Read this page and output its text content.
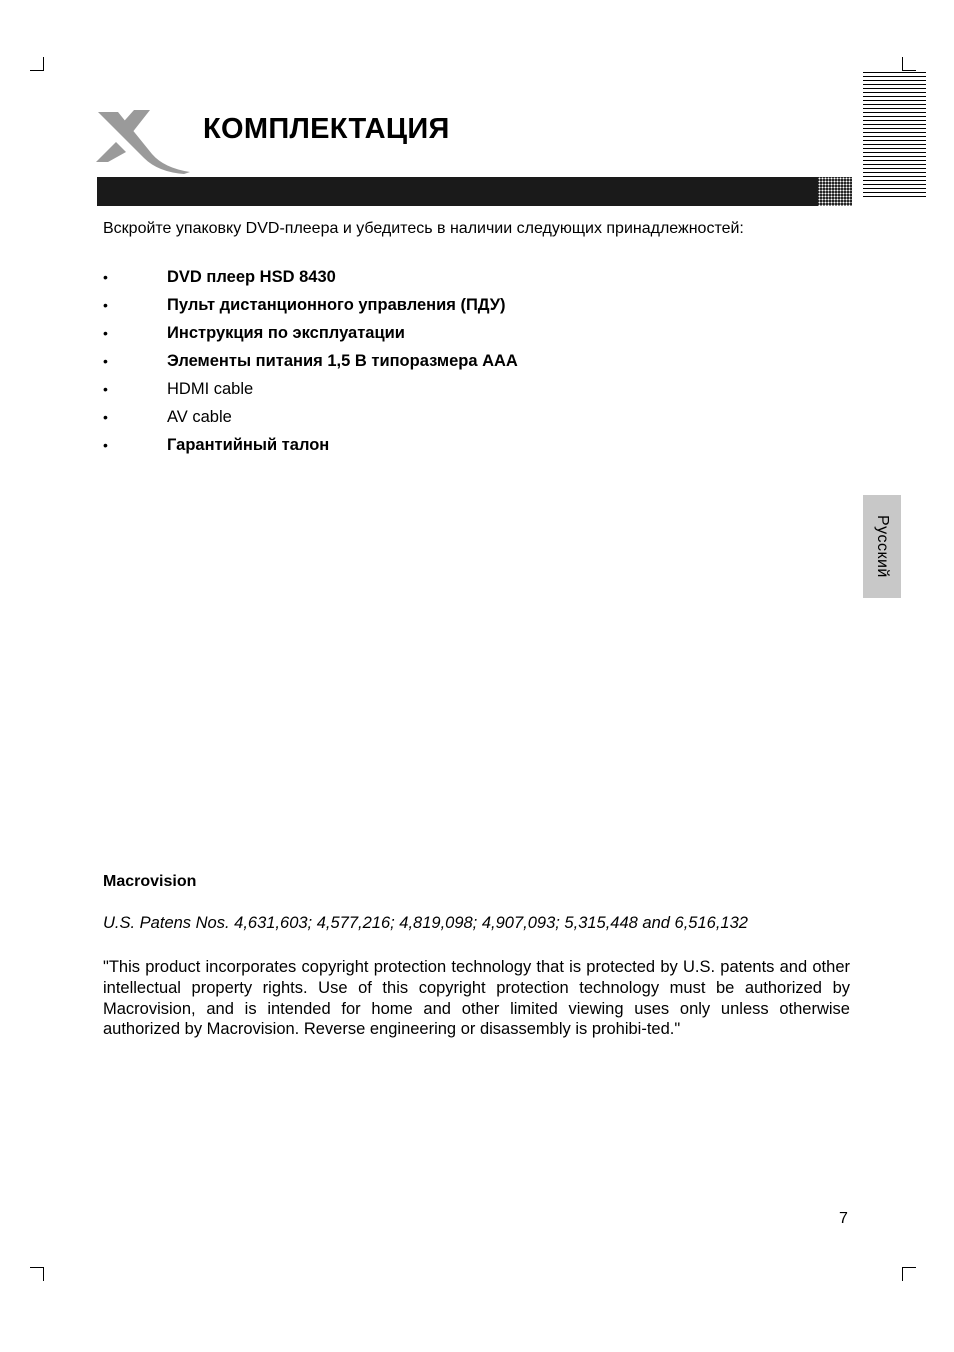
КОМПЛЕКТАЦИЯ
Вскройте упаковку DVD-плеера и убедитесь в наличии следующих принадлежностей:
•	DVD плеер HSD 8430
•	Пульт дистанционного управления (ПДУ)
•	Инструкция по эксплуатации
•	Элементы питания 1,5 В типоразмера AAA
•	HDMI cable
•	AV cable
•	Гарантийный талон
Русский
Macrovision
U.S. Patens Nos. 4,631,603; 4,577,216; 4,819,098; 4,907,093; 5,315,448 and 6,516,132
"This product incorporates copyright protection technology that is protected by U.S. patents and other intellectual property rights. Use of this copyright protection technology must be authorized by Macrovision, and is intended for home and other limited viewing uses only unless otherwise authorized by Macrovision. Reverse engineering or disassembly is prohibi-ted."
7
